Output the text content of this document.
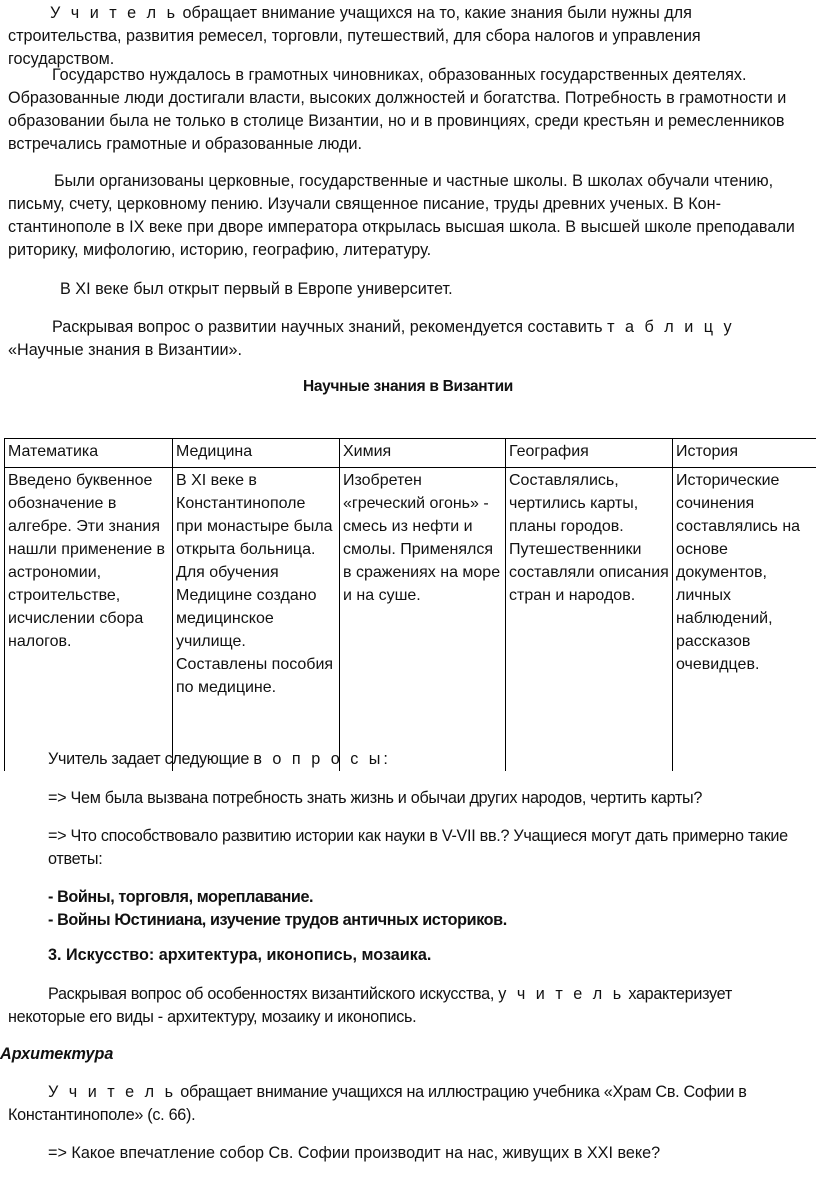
У ч и т е л ь обращает внимание учащихся на то, какие знания были нужны для строительства, развития ремесел, торговли, путешествий, для сбора налогов и управления государством.
Государство нуждалось в грамотных чиновниках, образованных государственных деятелях. Образованные люди достигали власти, высоких должностей и богатства. Потребность в грамотности и образовании была не только в столице Византии, но и в провинциях, среди крестьян и ремесленников встречались грамотные и образованные люди.
Были организованы церковные, государственные и частные школы. В школах обучали чтению, письму, счету, церковному пению. Изучали священное писание, труды древних ученых. В Кон-стантинополе в IX веке при дворе императора открылась высшая школа. В высшей школе преподавали риторику, мифологию, историю, географию, литературу.
В XI веке был открыт первый в Европе университет.
Раскрывая вопрос о развитии научных знаний, рекомендуется составить т а б л и ц у «Научные знания в Византии».
Научные знания в Византии
Математика	Медицина	Химия	География	История
Введено буквенное обозначение в алгебре. Эти знания нашли применение в астрономии, строительстве, исчислении сбора налогов.	В XI веке в Константинополе при монастыре была открыта больница. Для обучения Медицине создано медицинское училище. Составлены пособия по медицине.	Изобретен «греческий огонь» - смесь из нефти и смолы. Применялся в сражениях на море и на суше.	Составлялись, чертились карты, планы городов. Путешественники составляли описания стран и народов.	Исторические сочинения составлялись на основе документов, личных наблюдений, рассказов очевидцев.
Учитель задает следующие в о п р о с ы:
=> Чем была вызвана потребность знать жизнь и обычаи других народов, чертить карты?
=> Что способствовало развитию истории как науки в V-VII вв.? Учащиеся могут дать примерно такие ответы:
- Войны, торговля, мореплавание.
- Войны Юстиниана, изучение трудов античных историков.
3. Искусство: архитектура, иконопись, мозаика.
Раскрывая вопрос об особенностях византийского искусства, у ч и т е л ь характеризует некоторые его виды - архитектуру, мозаику и иконопись.
Архитектура
У ч и т е л ь обращает внимание учащихся на иллюстрацию учебника «Храм Св. Софии в Константинополе» (с. 66).
=> Какое впечатление собор Св. Софии производит на нас, живущих в XXI веке?
